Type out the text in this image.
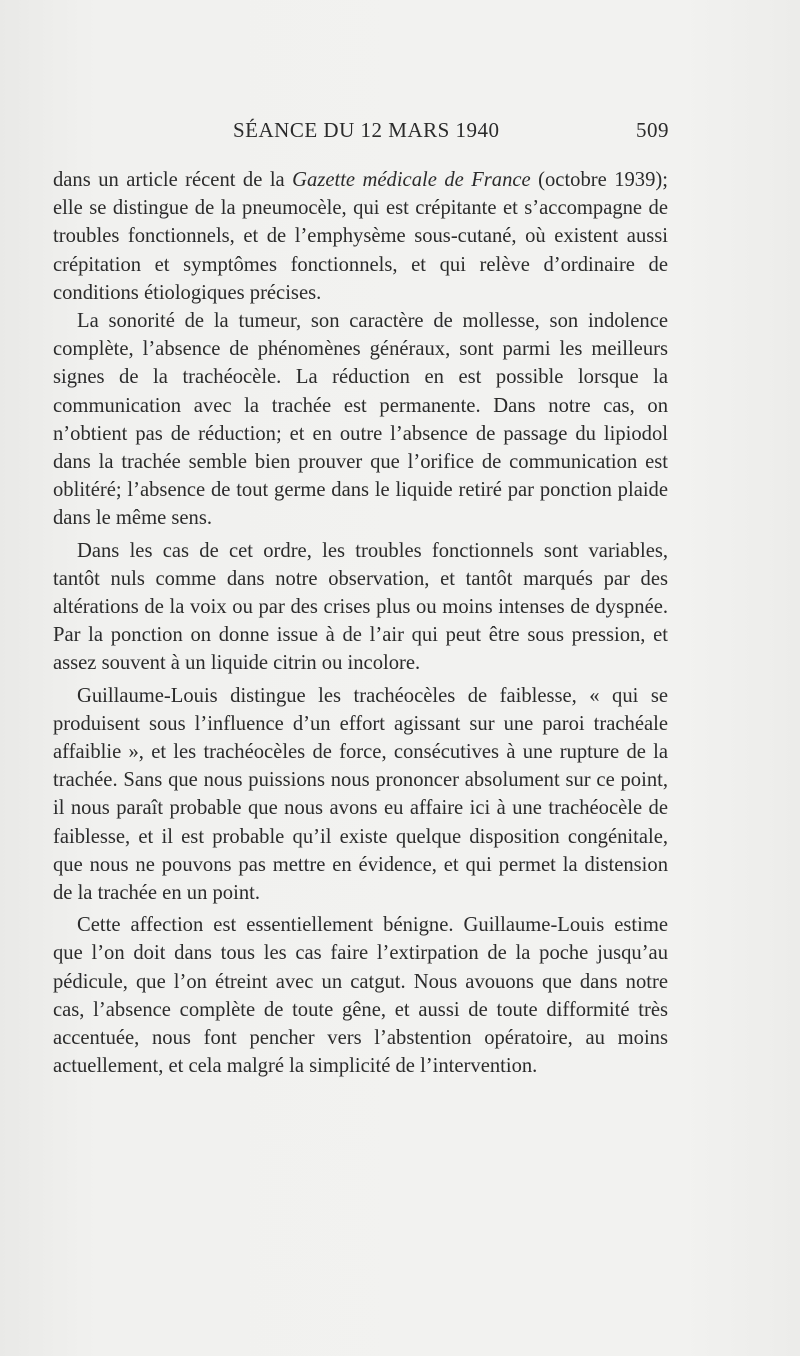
SÉANCE DU 12 MARS 1940	509

dans un article récent de la Gazette médicale de France (octobre 1939); elle se distingue de la pneumocèle, qui est crépitante et s’accompagne de troubles fonctionnels, et de l’emphysème sous-cutané, où existent aussi crépitation et symptômes fonctionnels, et qui relève d’ordinaire de conditions étiologiques précises.

La sonorité de la tumeur, son caractère de mollesse, son indolence complète, l’absence de phénomènes généraux, sont parmi les meilleurs signes de la trachéocèle. La réduction en est possible lorsque la communication avec la trachée est permanente. Dans notre cas, on n’obtient pas de réduction; et en outre l’absence de passage du lipiodol dans la trachée semble bien prouver que l’orifice de communication est oblitéré; l’absence de tout germe dans le liquide retiré par ponction plaide dans le même sens.

Dans les cas de cet ordre, les troubles fonctionnels sont variables, tantôt nuls comme dans notre observation, et tantôt marqués par des altérations de la voix ou par des crises plus ou moins intenses de dyspnée. Par la ponction on donne issue à de l’air qui peut être sous pression, et assez souvent à un liquide citrin ou incolore.

Guillaume-Louis distingue les trachéocèles de faiblesse, « qui se produisent sous l’influence d’un effort agissant sur une paroi trachéale affaiblie », et les trachéocèles de force, consécutives à une rupture de la trachée. Sans que nous puissions nous prononcer absolument sur ce point, il nous paraît probable que nous avons eu affaire ici à une trachéocèle de faiblesse, et il est probable qu’il existe quelque disposition congénitale, que nous ne pouvons pas mettre en évidence, et qui permet la distension de la trachée en un point.

Cette affection est essentiellement bénigne. Guillaume-Louis estime que l’on doit dans tous les cas faire l’extirpation de la poche jusqu’au pédicule, que l’on étreint avec un catgut. Nous avouons que dans notre cas, l’absence complète de toute gêne, et aussi de toute difformité très accentuée, nous font pencher vers l’abstention opératoire, au moins actuellement, et cela malgré la simplicité de l’intervention.
